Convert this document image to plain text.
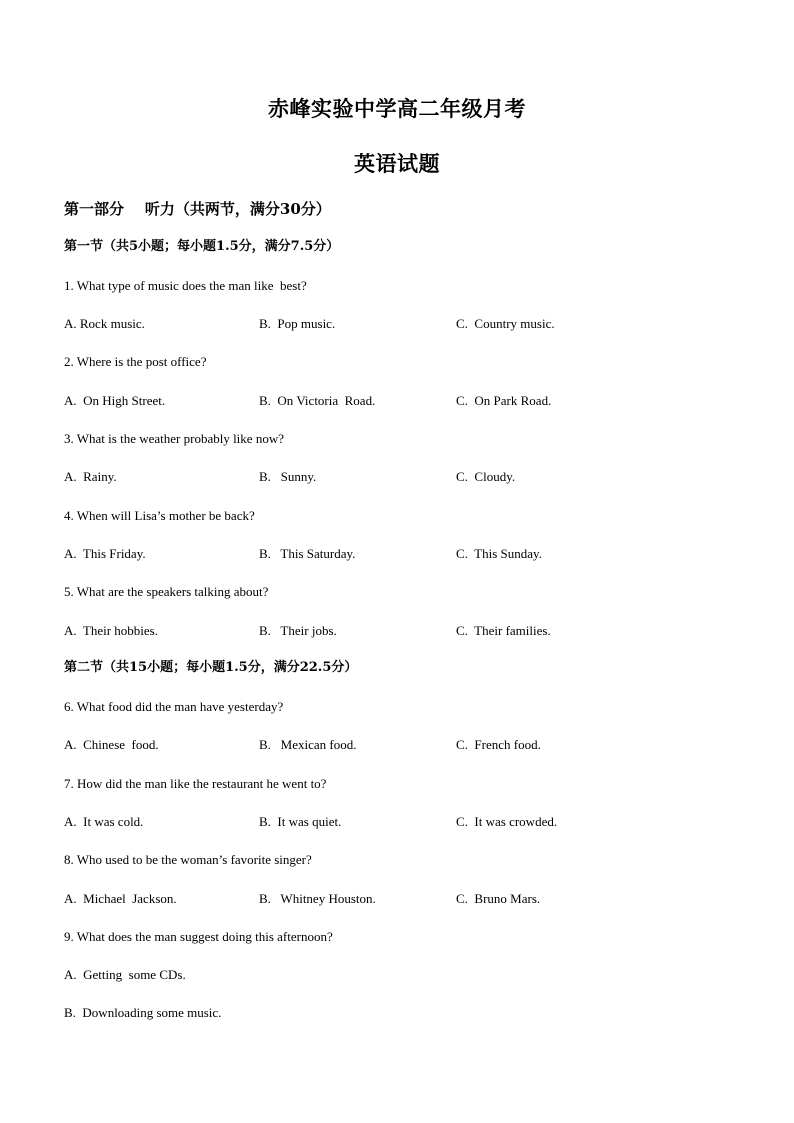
赤峰实验中学高二年级月考
英语试题
第一部分    听力（共两节，满分30分）
第一节（共5小题；每小题1.5分，满分7.5分）
1. What type of music does the man like  best?
A. Rock music.	B.  Pop music.	C.  Country music.
2. Where is the post office?
A.  On High Street.	B.  On Victoria  Road.	C.  On Park Road.
3. What is the weather probably like now?
A.  Rainy.	B.   Sunny.	C.  Cloudy.
4. When will Lisa’s mother be back?
A.  This Friday.	B.   This Saturday.	C.  This Sunday.
5. What are the speakers talking about?
A.  Their hobbies.	B.   Their jobs.	C.  Their families.
第二节（共15小题；每小题1.5分，满分22.5分）
6. What food did the man have yesterday?
A.  Chinese  food.	B.   Mexican food.	C.  French food.
7. How did the man like the restaurant he went to?
A.  It was cold.	B.  It was quiet.	C.  It was crowded.
8. Who used to be the woman’s favorite singer?
A.  Michael  Jackson.	B.   Whitney Houston.	C.  Bruno Mars.
9. What does the man suggest doing this afternoon?
A.  Getting  some CDs.
B.  Downloading some music.
